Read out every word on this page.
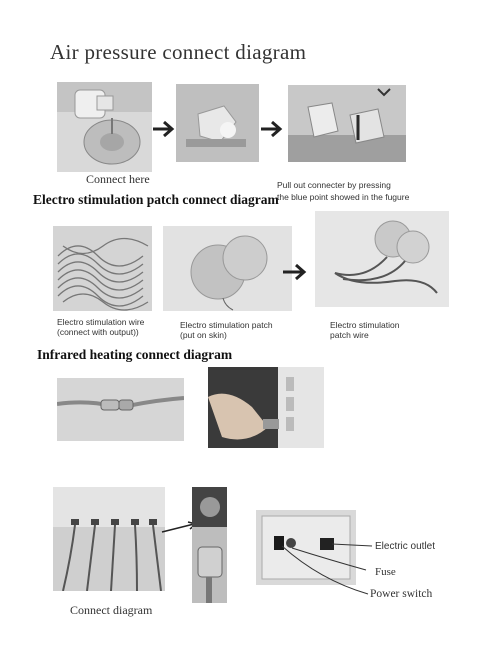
Air pressure connect diagram
Connect here	Pull out connecter by pressing
Electro stimulation patch connect diagram
the blue point showed in the fugure
Electro stimulation wire
(connect with output))
Electro stimulation patch
(put on skin)
Electro stimulation
patch wire
Infrared heating connect diagram
Electric outlet
Fuse
Power switch
Connect diagram
